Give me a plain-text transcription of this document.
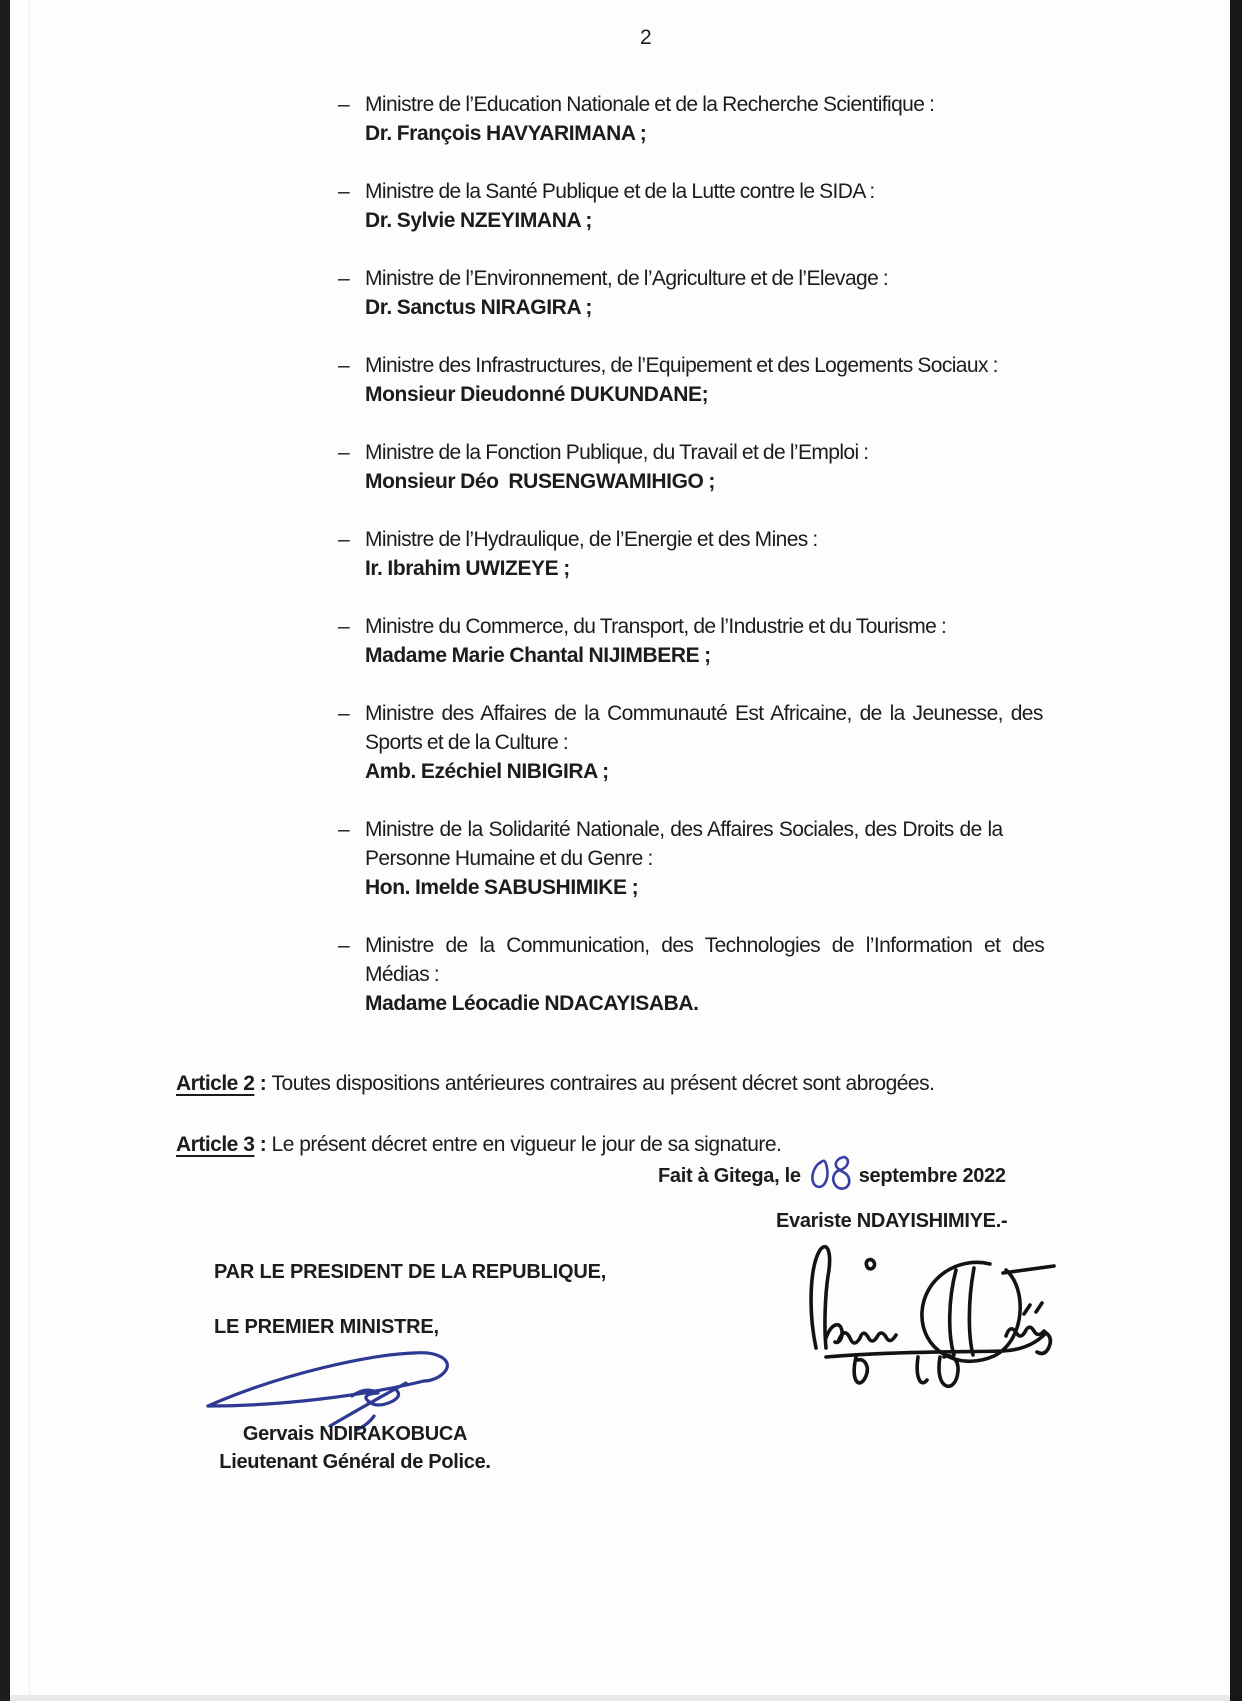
2
– Ministre de l’Education Nationale et de la Recherche Scientifique :
Dr. François HAVYARIMANA ;
– Ministre de la Santé Publique et de la Lutte contre le SIDA :
Dr. Sylvie NZEYIMANA ;
– Ministre de l’Environnement, de l’Agriculture et de l’Elevage :
Dr. Sanctus NIRAGIRA ;
– Ministre des Infrastructures, de l’Equipement et des Logements Sociaux :
Monsieur Dieudonné DUKUNDANE;
– Ministre de la Fonction Publique, du Travail et de l’Emploi :
Monsieur Déo  RUSENGWAMIHIGO ;
– Ministre de l’Hydraulique, de l’Energie et des Mines :
Ir. Ibrahim UWIZEYE ;
– Ministre du Commerce, du Transport, de l’Industrie et du Tourisme :
Madame Marie Chantal NIJIMBERE ;
– Ministre des Affaires de la Communauté Est Africaine, de la Jeunesse, des
Sports et de la Culture :
Amb. Ezéchiel NIBIGIRA ;
– Ministre de la Solidarité Nationale, des Affaires Sociales, des Droits de la
Personne Humaine et du Genre :
Hon. Imelde SABUSHIMIKE ;
– Ministre de la Communication, des Technologies de l’Information et des
Médias :
Madame Léocadie NDACAYISABA.

Article 2 : Toutes dispositions antérieures contraires au présent décret sont abrogées.

Article 3 : Le présent décret entre en vigueur le jour de sa signature.

Fait à Gitega, le	septembre 2022
Evariste NDAYISHIMIYE.-
PAR LE PRESIDENT DE LA REPUBLIQUE,
LE PREMIER MINISTRE,
Gervais NDIRAKOBUCA
Lieutenant Général de Police.
